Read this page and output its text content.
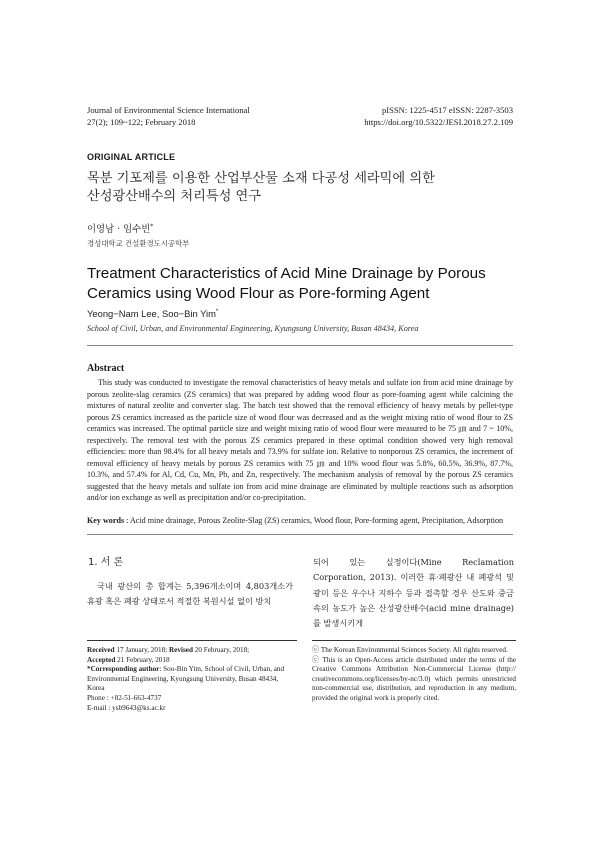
Journal of Environmental Science International
27(2); 109~122; February 2018
pISSN: 1225-4517 eISSN: 2287-3503
https://doi.org/10.5322/JESI.2018.27.2.109
ORIGINAL ARTICLE
목분 기포제를 이용한 산업부산물 소재 다공성 세라믹에 의한
산성광산배수의 처리특성 연구
이영남 · 임수빈*
경성대학교 건설환경도시공학부
Treatment Characteristics of Acid Mine Drainage by Porous
Ceramics using Wood Flour as Pore-forming Agent
Yeong−Nam Lee, Soo−Bin Yim*
School of Civil, Urban, and Environmental Engineering, Kyungsung University, Busan 48434, Korea
Abstract
This study was conducted to investigate the removal characteristics of heavy metals and sulfate ion from acid mine drainage by porous zeolite-slag ceramics (ZS ceramics) that was prepared by adding wood flour as pore-foaming agent while calcining the mixtures of natural zeolite and converter slag. The batch test showed that the removal efficiency of heavy metals by pellet-type porous ZS ceramics increased as the particle size of wood flour was decreased and as the weight mixing ratio of wood flour to ZS ceramics was increased. The optimal particle size and weight mixing ratio of wood flour were measured to be 75 ㎛ and 7 ~ 10%, respectively. The removal test with the porous ZS ceramics prepared in these optimal condition showed very high removal efficiencies: more than 98.4% for all heavy metals and 73.9% for sulfate ion. Relative to nonporous ZS ceramics, the increment of removal efficiency of heavy metals by porous ZS ceramics with 75 ㎛ and 10% wood flour was 5.8%, 60.5%, 36.9%, 87.7%, 10.3%, and 57.4% for Al, Cd, Cu, Mn, Pb, and Zn, respectively. The mechanism analysis of removal by the porous ZS ceramics suggested that the heavy metals and sulfate ion from acid mine drainage are eliminated by multiple reactions such as adsorption and/or ion exchange as well as precipitation and/or co-precipitation.
Key words : Acid mine drainage, Porous Zeolite-Slag (ZS) ceramics, Wood flour, Pore-forming agent, Precipitation, Adsorption
1. 서 론
국내 광산의 총 합계는 5,396개소이며 4,803개소가 휴광 혹은 폐광 상태로서 적절한 복원시설 없이 방치
되어 있는 실정이다(Mine Reclamation Corporation, 2013). 이러한 휴·폐광산 내 폐광석 및 광미 등은 우수나 지하수 등과 접촉할 경우 산도와 중금속의 농도가 높은 산성광산배수(acid mine drainage)를 발생시키게
Received 17 January, 2018; Revised 20 February, 2018;
Accepted 21 February, 2018
*Corresponding author: Soo-Bin Yim, School of Civil, Urban, and Environmental Engineering, Kyungsung University, Busan 48434, Korea
Phone : +82-51-663-4737
E-mail : ysb9643@ks.ac.kr

ⓒ The Korean Environmental Sciences Society. All rights reserved.

ⓒ This is an Open-Access article distributed under the terms of the Creative Commons Attribution Non-Commercial License (http:// creativecommons.org/licenses/by-nc/3.0) which permits unrestricted non-commercial use, distribution, and reproduction in any medium, provided the original work is properly cited.
